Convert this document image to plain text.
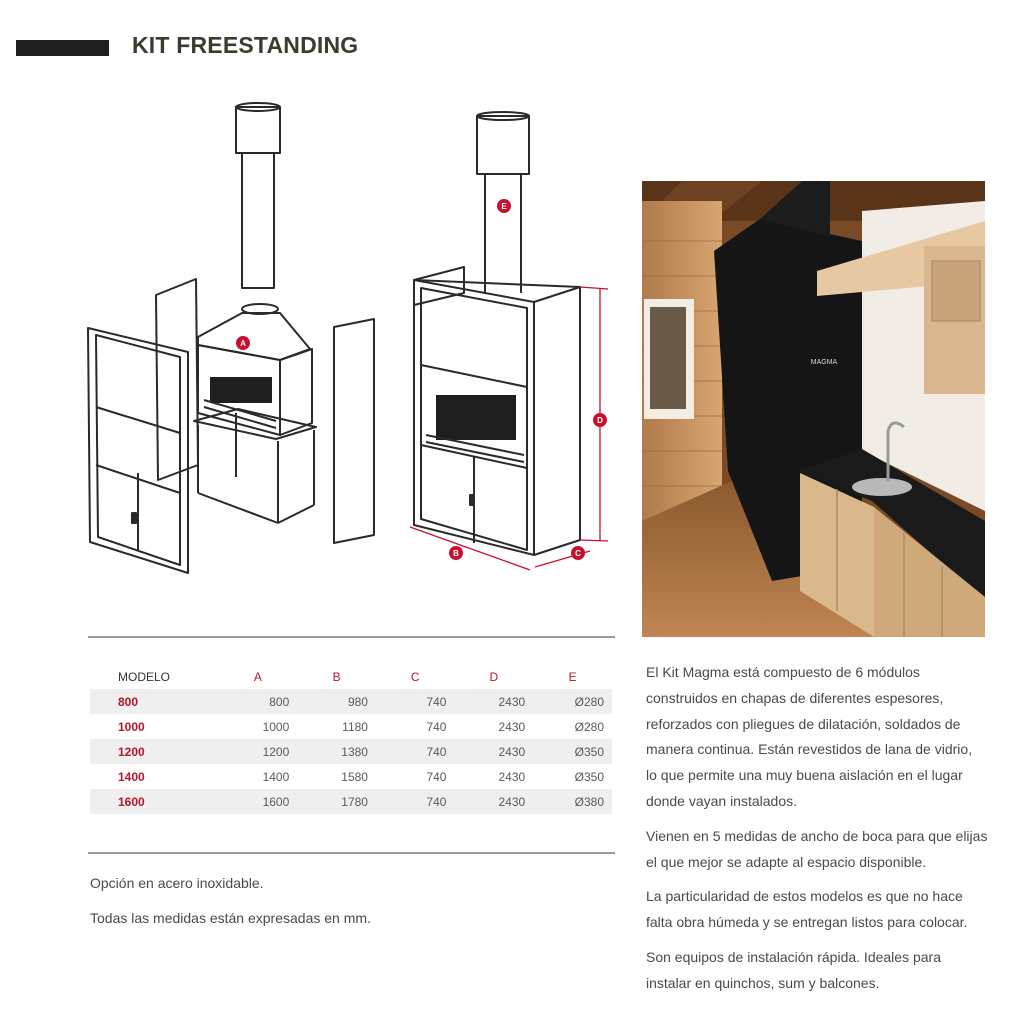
KIT FREESTANDING
A
E
B	C
D
MAGMA
MODELO	A	B	C	D	E
800	800	980	740	2430	Ø280
1000	1000	1180	740	2430	Ø280
1200	1200	1380	740	2430	Ø350
1400	1400	1580	740	2430	Ø350
1600	1600	1780	740	2430	Ø380
Opción en acero inoxidable.
Todas las medidas están expresadas en mm.
El Kit Magma está compuesto de 6 módulos
construidos en chapas de diferentes espesores,
reforzados con pliegues de dilatación, soldados de
manera continua. Están revestidos de lana de vidrio,
lo que permite una muy buena aislación en el lugar
donde vayan instalados.
Vienen en 5 medidas de ancho de boca para que elijas
el que mejor se adapte al espacio disponible.
La particularidad de estos modelos es que no hace
falta obra húmeda y se entregan listos para colocar.
Son equipos de instalación rápida. Ideales para
instalar en quinchos, sum y balcones.
